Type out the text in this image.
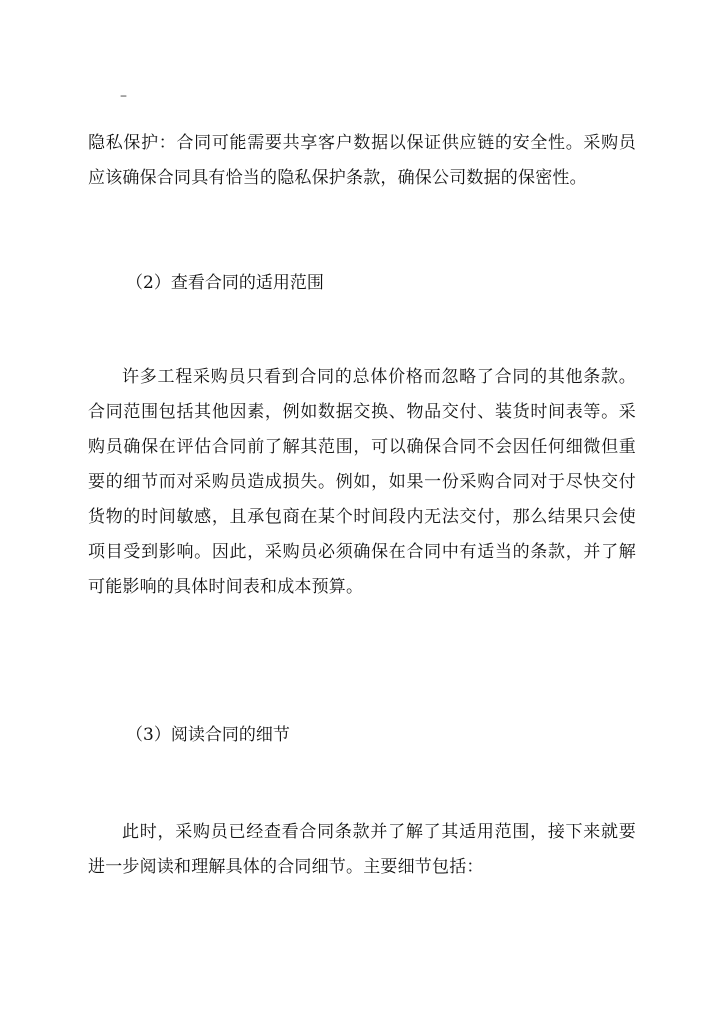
–

隐私保护：合同可能需要共享客户数据以保证供应链的安全性。采购员应该确保合同具有恰当的隐私保护条款，确保公司数据的保密性。

（2）查看合同的适用范围

许多工程采购员只看到合同的总体价格而忽略了合同的其他条款。合同范围包括其他因素，例如数据交换、物品交付、装货时间表等。采购员确保在评估合同前了解其范围，可以确保合同不会因任何细微但重要的细节而对采购员造成损失。例如，如果一份采购合同对于尽快交付货物的时间敏感，且承包商在某个时间段内无法交付，那么结果只会使项目受到影响。因此，采购员必须确保在合同中有适当的条款，并了解可能影响的具体时间表和成本预算。

（3）阅读合同的细节

此时，采购员已经查看合同条款并了解了其适用范围，接下来就要进一步阅读和理解具体的合同细节。主要细节包括：
